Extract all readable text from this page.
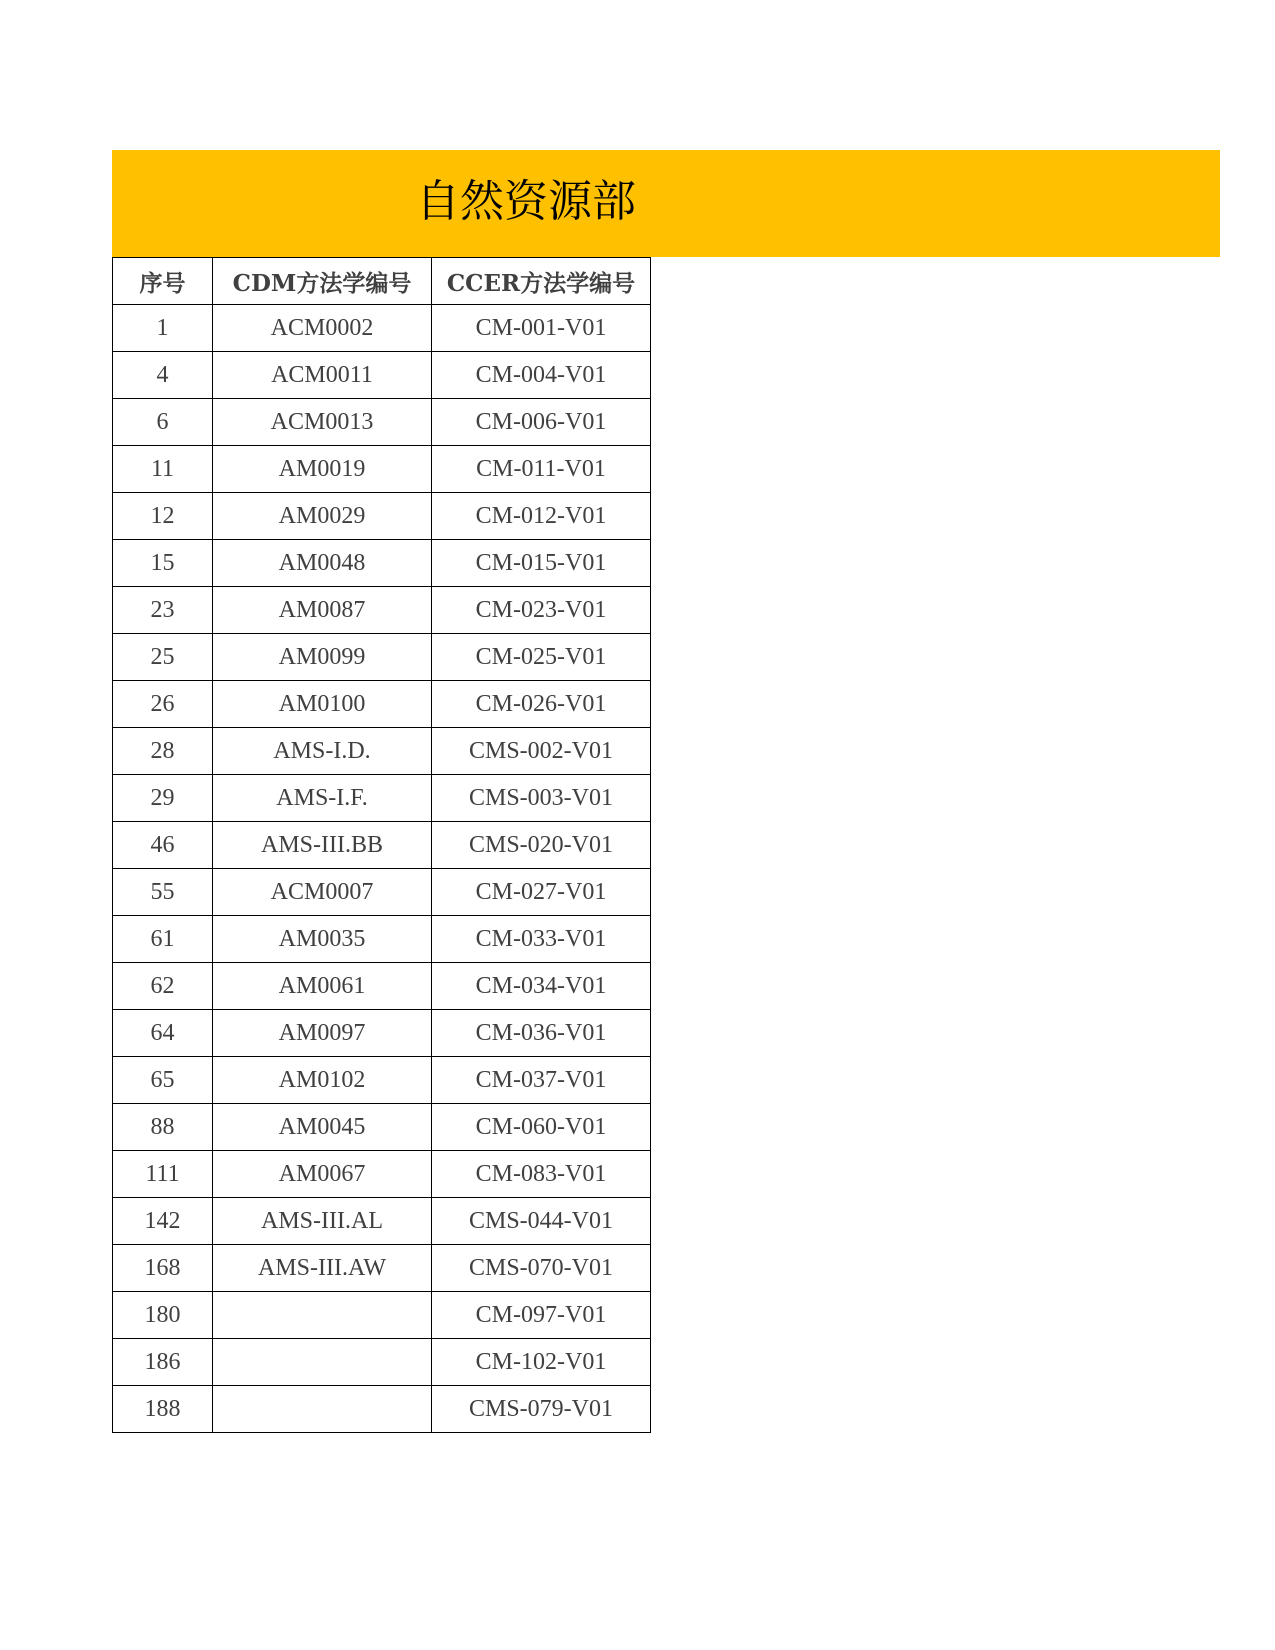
自然资源部
序号	CDM方法学编号	CCER方法学编号
1	ACM0002	CM-001-V01
4	ACM0011	CM-004-V01
6	ACM0013	CM-006-V01
11	AM0019	CM-011-V01
12	AM0029	CM-012-V01
15	AM0048	CM-015-V01
23	AM0087	CM-023-V01
25	AM0099	CM-025-V01
26	AM0100	CM-026-V01
28	AMS-I.D.	CMS-002-V01
29	AMS-I.F.	CMS-003-V01
46	AMS-III.BB	CMS-020-V01
55	ACM0007	CM-027-V01
61	AM0035	CM-033-V01
62	AM0061	CM-034-V01
64	AM0097	CM-036-V01
65	AM0102	CM-037-V01
88	AM0045	CM-060-V01
111	AM0067	CM-083-V01
142	AMS-III.AL	CMS-044-V01
168	AMS-III.AW	CMS-070-V01
180		CM-097-V01
186		CM-102-V01
188		CMS-079-V01
